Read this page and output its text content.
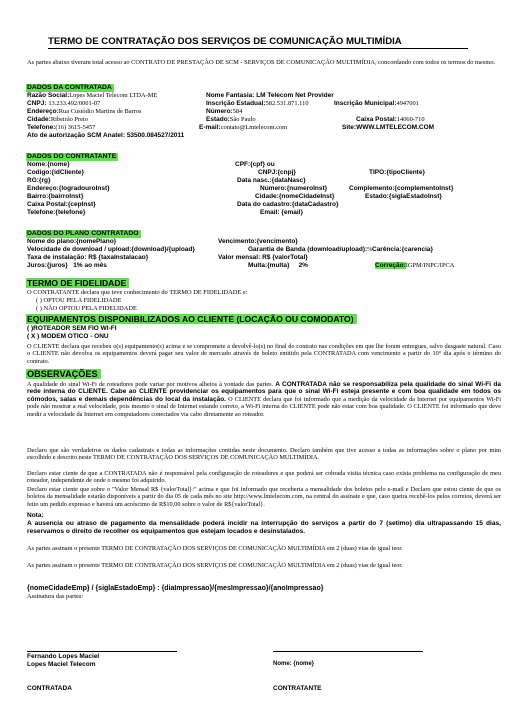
TERMO DE CONTRATAÇÃO DOS SERVIÇOS DE COMUNICAÇÃO MULTIMÍDIA
As partes abaixo tiveram total acesso ao CONTRATO DE PRESTAÇÃO DE SCM - SERVIÇOS DE COMUNICAÇÃO MULTIMÍDIA, concordando com todos os termos do mesmo.
DADOS DA CONTRATADA
Razão Social:Lopes Maciel Telecom LTDA-ME	Nome Fantasia: LM Telecom Net Provider
CNPJ: 13.233.492/0001-07	Inscrição Estadual:582.531.871.110	Inscrição Municipal:4947001
Endereço:Rua Custódio Martins de Barros	Número:584
Cidade:Ribeirão Preto	Estado:São Paulo	Caixa Postal:14060-710
Telefone:(16) 3615-5457	E-mail:contato@Lmtelecom.com	Site:WWW.LMTELECOM.COM
Ato de autorização SCM Anatel: 53500.084527/2011
DADOS DO CONTRATANTE
Nome:{nome}	CPF:{cpf} ou
Codigo:{idCliente}	CNPJ:{cnpj}	TIPO:{tipoCliente}
RG:{rg}	Data nasc.:{dataNasc}
Endereço:{logradouroInst}	Número:{numeroInst}	Complemento:{complementoInst}
Bairro:{bairroInst}	Cidade:{nomeCidadeInst}	Estado:{siglaEstadoInst}
Caixa Postal:{cepInst}	Data do cadastro:{dataCadastro}
Telefone:{telefone}	Email: {email}
DADOS DO PLANO CONTRATADO
Nome do plano:{nomePlano}	Vencimento:{vencimento}
Velocidade de download / upload:{download}/{upload}	Garantia de Banda (download/upload):% Carência:{carencia}
Taxa de instalação: R$ {taxaInstalacao}	Valor mensal: R$ {valorTotal}
Juros:{juros} 1% ao mês	Multa:{multa} 2%	Correção:IGPM/INPC/IPCA
TERMO DE FIDELIDADE
O CONTRATANTE declara que teve conhecimento do TERMO DE FIDELIDADE e:
( ) OPTOU PELA FIDELIDADE
( ) NÃO OPTOU PELA FIDELIDADE
EQUIPAMENTOS DISPONIBILIZADOS AO CLIENTE (LOCAÇÃO OU COMODATO)
( )ROTEADOR SEM FIO WI-FI
( X ) MODEM OTICO - ONU
O CLIENTE declara que recebeu o(s) equipamento(s) acima e se compromete a devolvê-lo(s) no final do contrato nas condições em que lhe foram entregues, salvo desgaste natural. Caso o CLIENTE não devolva os equipamentos deverá pagar seu valor de mercado através de boleto emitido pela CONTRATADA com vencimento a partir do 10° dia após o término do contrato.
OBSERVAÇÕES
A qualidade do sinal Wi-Fi de roteadores pode variar por motivos alheios à vontade das partes. A CONTRATADA não se responsabiliza pela qualidade do sinal Wi-Fi da rede interna do CLIENTE. Cabe ao CLIENTE providenciar os equipamentos para que o sinal Wi-Fi esteja presente e com boa qualidade em todos os cômodos, salas e demais dependências do local da instalação. O CLIENTE declara que foi informado que a medição da velocidade da Internet por equipamentos Wi-Fi pode não mostrar a real velocidade, pois mesmo o sinal de Internet estando correto, a Wi-Fi interna do CLIENTE pode não estar com boa qualidade. O CLIENTE foi informado que deve medir a velocidade da Internet em computadores conectados via cabo diretamente ao roteador.
Declaro que são verdadeiros os dados cadastrais e todas as informações contidas neste documento. Declaro também que tive acesso a todas as informações sobre o plano por mim escolhido e descrito neste TERMO DE CONTRATAÇÃO DOS SERVIÇOS DE COMUNICAÇÃO MULTIMÍDIA.
Declaro estar ciente de que a CONTRATADA não é responsável pela configuração de roteadores e que poderá ser cobrada visita técnica caso exista problema na configuração de meu roteador, independente de onde o mesmo foi adquirido.
Declaro estar ciente que sobre o "Valor Mensal R$ {valorTotal}:" acima e que foi informado que receberia a mensalidade dos boletos pelo e-mail e Declaro que estou ciente de que os boletos da mensalidade estarão disponíveis a partir do dia 05 de cada mês no site http://www.lmtelecom.com, na central do assinate e que, caso queira recebê-los pelos correios, deverá ser feito um pedido expresso e haverá um acréscimo de R$10,00 sobre o valor de R${valorTotal}.
Nota:
A ausencia ou atraso de pagamento da mensalidade poderá incidir na interrupção do serviços a partir do 7 (setimo) dia ultrapassando 15 dias, reservamos o direito de recolher os equipamentos que estejam locados e desinstalados.
As partes assinam o presente TERMO DE CONTRATAÇÃO DOS SERVIÇOS DE COMUNICAÇÃO MULTIMÍDIA em 2 (duas) vias de igual teor.
As partes assinam o presente TERMO DE CONTRATAÇÃO DOS SERVIÇOS DE COMUNICAÇÃO MULTIMÍDIA em 2 (duas) vias de igual teor.
{nomeCidadeEmp} / {siglaEstadoEmp} : {diaImpressao}/{mesImpressao}/{anoImpressao}
Assinatura das partes:
Fernando Lopes Maciel
Lopes Maciel Telecom	Nome: {nome}
CONTRATADA	CONTRATANTE
